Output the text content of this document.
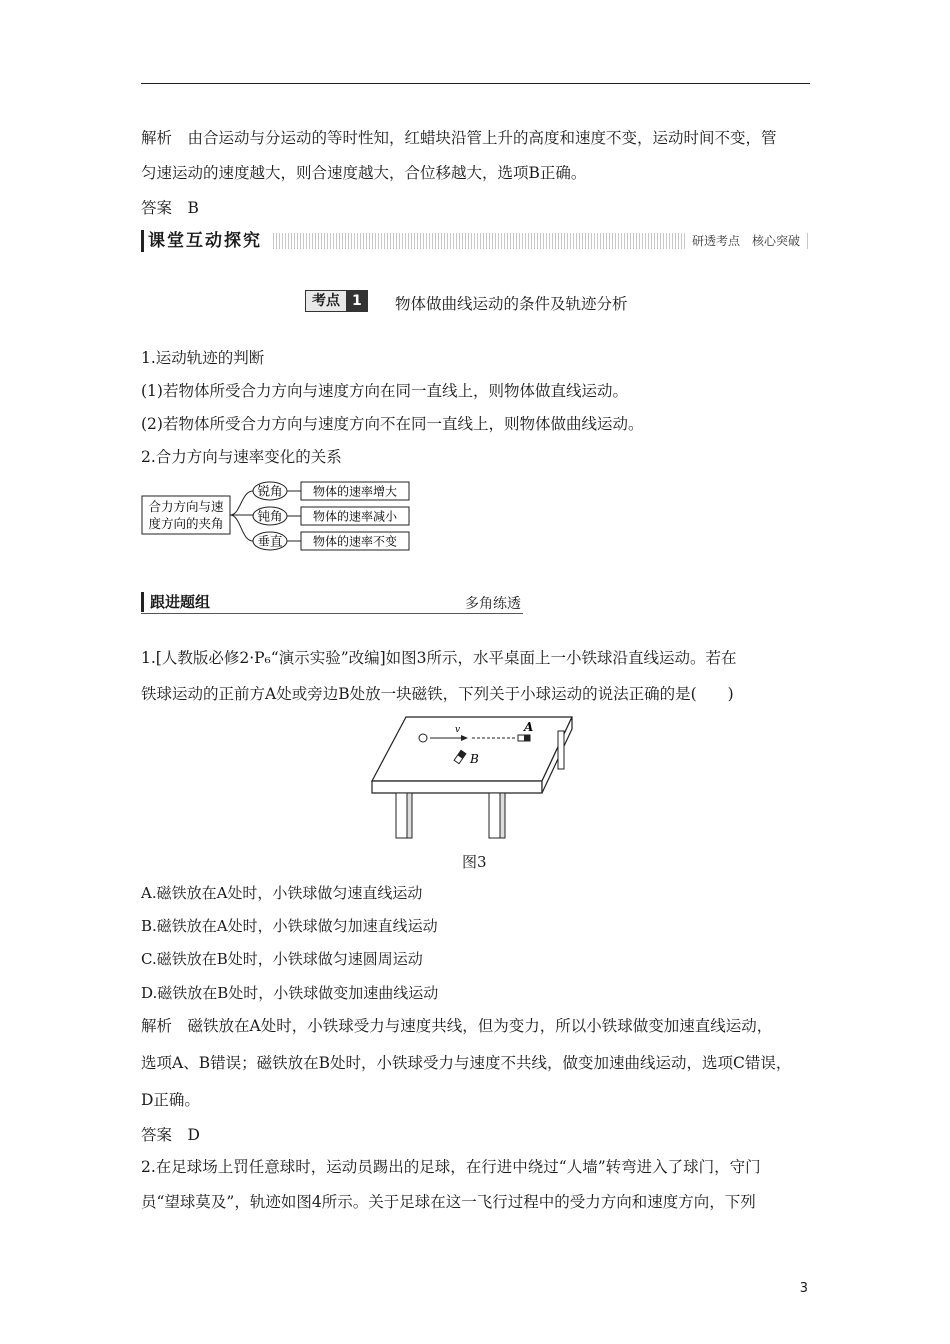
解析　由合运动与分运动的等时性知，红蜡块沿管上升的高度和速度不变，运动时间不变，管
匀速运动的速度越大，则合速度越大，合位移越大，选项B正确。
答案　B
课堂互动探究	研透考点　核心突破
考点 1	物体做曲线运动的条件及轨迹分析
1.运动轨迹的判断
(1)若物体所受合力方向与速度方向在同一直线上，则物体做直线运动。
(2)若物体所受合力方向与速度方向不在同一直线上，则物体做曲线运动。
2.合力方向与速率变化的关系
合力方向与速
度方向的夹角
锐角	物体的速率增大
钝角	物体的速率减小
垂直	物体的速率不变
跟进题组	多角练透
1.[人教版必修2·P₆“演示实验”改编]如图3所示，水平桌面上一小铁球沿直线运动。若在
铁球运动的正前方A处或旁边B处放一块磁铁，下列关于小球运动的说法正确的是(　　)
v	A
B
图3
A.磁铁放在A处时，小铁球做匀速直线运动
B.磁铁放在A处时，小铁球做匀加速直线运动
C.磁铁放在B处时，小铁球做匀速圆周运动
D.磁铁放在B处时，小铁球做变加速曲线运动
解析　磁铁放在A处时，小铁球受力与速度共线，但为变力，所以小铁球做变加速直线运动，
选项A、B错误；磁铁放在B处时，小铁球受力与速度不共线，做变加速曲线运动，选项C错误，
D正确。
答案　D
2.在足球场上罚任意球时，运动员踢出的足球，在行进中绕过“人墙”转弯进入了球门，守门
员“望球莫及”，轨迹如图4所示。关于足球在这一飞行过程中的受力方向和速度方向，下列
3
